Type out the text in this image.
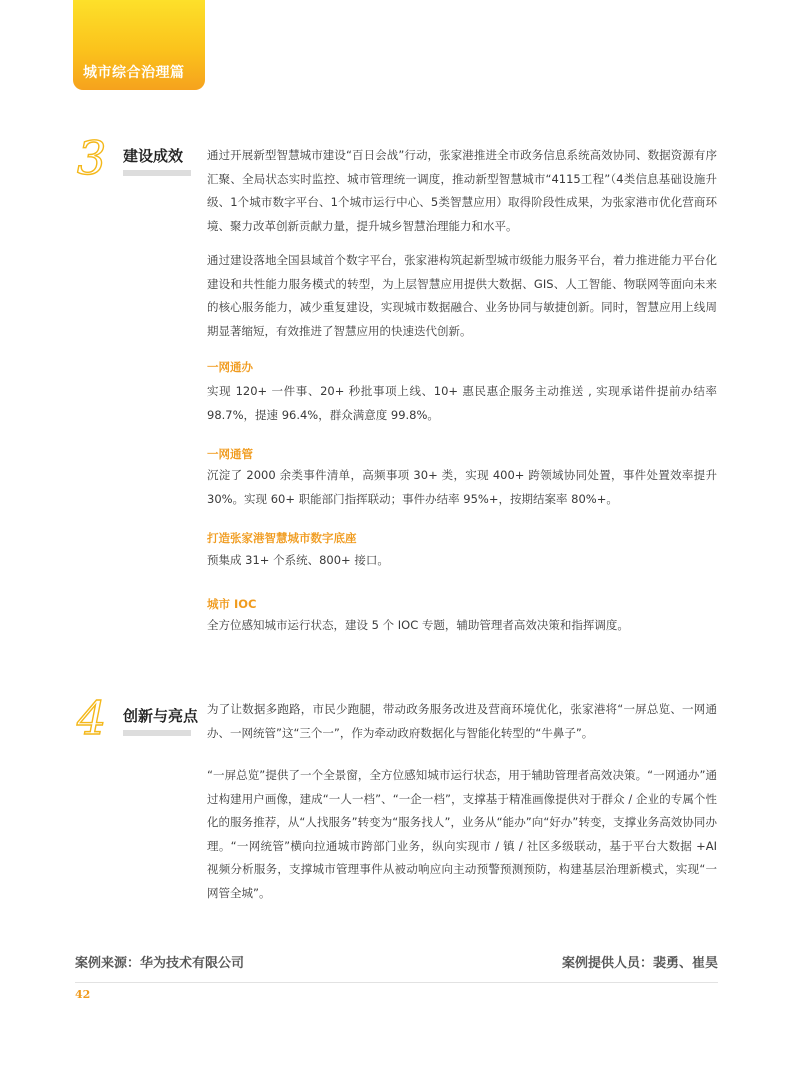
城市综合治理篇
3 建设成效 通过开展新型智慧城市建设“百日会战”行动，张家港推进全市政务信息系统高效协同、数据资源有序汇聚、全局状态实时监控、城市管理统一调度，推动新型智慧城市“4115工程”（4类信息基础设施升级、1个城市数字平台、1个城市运行中心、5类智慧应用）取得阶段性成果，为张家港市优化营商环境、聚力改革创新贡献力量，提升城乡智慧治理能力和水平。

通过建设落地全国县域首个数字平台，张家港构筑起新型城市级能力服务平台，着力推进能力平台化建设和共性能力服务模式的转型，为上层智慧应用提供大数据、GIS、人工智能、物联网等面向未来的核心服务能力，减少重复建设，实现城市数据融合、业务协同与敏捷创新。同时，智慧应用上线周期显著缩短，有效推进了智慧应用的快速迭代创新。

一网通办

实现 120+ 一件事、20+ 秒批事项上线、10+ 惠民惠企服务主动推送 , 实现承诺件提前办结率 98.7%，提速 96.4%，群众满意度 99.8%。

一网通管

沉淀了 2000 余类事件清单，高频事项 30+ 类，实现 400+ 跨领域协同处置，事件处置效率提升 30%。实现 60+ 职能部门指挥联动；事件办结率 95%+，按期结案率 80%+。

打造张家港智慧城市数字底座

预集成 31+ 个系统、800+ 接口。

城市 IOC

全方位感知城市运行状态，建设 5 个 IOC 专题，辅助管理者高效决策和指挥调度。

4 创新与亮点 为了让数据多跑路，市民少跑腿，带动政务服务改进及营商环境优化，张家港将“一屏总览、一网通办、一网统管”这“三个一”，作为牵动政府数据化与智能化转型的“牛鼻子”。

“一屏总览”提供了一个全景窗，全方位感知城市运行状态，用于辅助管理者高效决策。“一网通办”通过构建用户画像，建成“一人一档”、“一企一档”，支撑基于精准画像提供对于群众 / 企业的专属个性化的服务推荐，从“人找服务”转变为“服务找人”，业务从“能办”向“好办”转变，支撑业务高效协同办理。“一网统管”横向拉通城市跨部门业务，纵向实现市 / 镇 / 社区多级联动，基于平台大数据 +AI 视频分析服务，支撑城市管理事件从被动响应向主动预警预测预防，构建基层治理新模式，实现“一网管全城”。

案例来源：华为技术有限公司	案例提供人员：裴勇、崔昊
42
